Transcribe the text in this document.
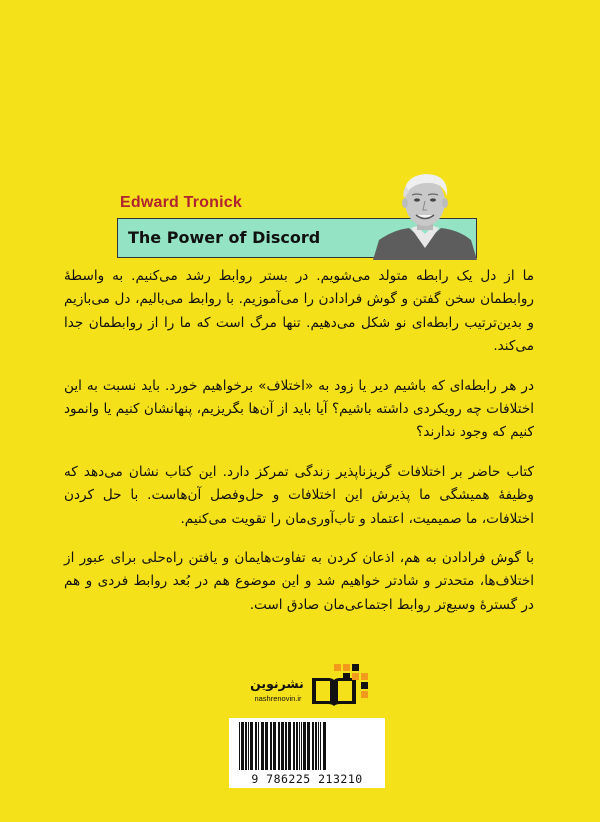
Edward Tronick
The Power of Discord

ما از دل یک رابطه متولد می‌شویم. در بستر روابط رشد می‌کنیم. به واسطهٔ روابطمان سخن گفتن و گوش فرادادن را می‌آموزیم. با روابط می‌بالیم، دل می‌بازیم و بدین‌ترتیب رابطه‌ای نو شکل می‌دهیم. تنها مرگ است که ما را از روابطمان جدا می‌کند.

در هر رابطه‌ای که باشیم دیر یا زود به «اختلاف» برخواهیم خورد. باید نسبت به این اختلافات چه رویکردی داشته باشیم؟ آیا باید از آن‌ها بگریزیم، پنهانشان کنیم یا وانمود کنیم که وجود ندارند؟

کتاب حاضر بر اختلافات گریزناپذیر زندگی تمرکز دارد. این کتاب نشان می‌دهد که وظیفهٔ همیشگی ما پذیرش این اختلافات و حل‌وفصل آن‌هاست. با حل کردن اختلافات، ما صمیمیت، اعتماد و تاب‌آوری‌مان را تقویت می‌کنیم.

با گوش فرادادن به هم، اذعان کردن به تفاوت‌هایمان و یافتن راه‌حلی برای عبور از اختلاف‌ها، متحدتر و شادتر خواهیم شد و این موضوع هم در بُعد روابط فردی و هم در گسترهٔ وسیع‌تر روابط اجتماعی‌مان صادق است.

نشرنوین
nashrenovin.ir
9 786225 213210
